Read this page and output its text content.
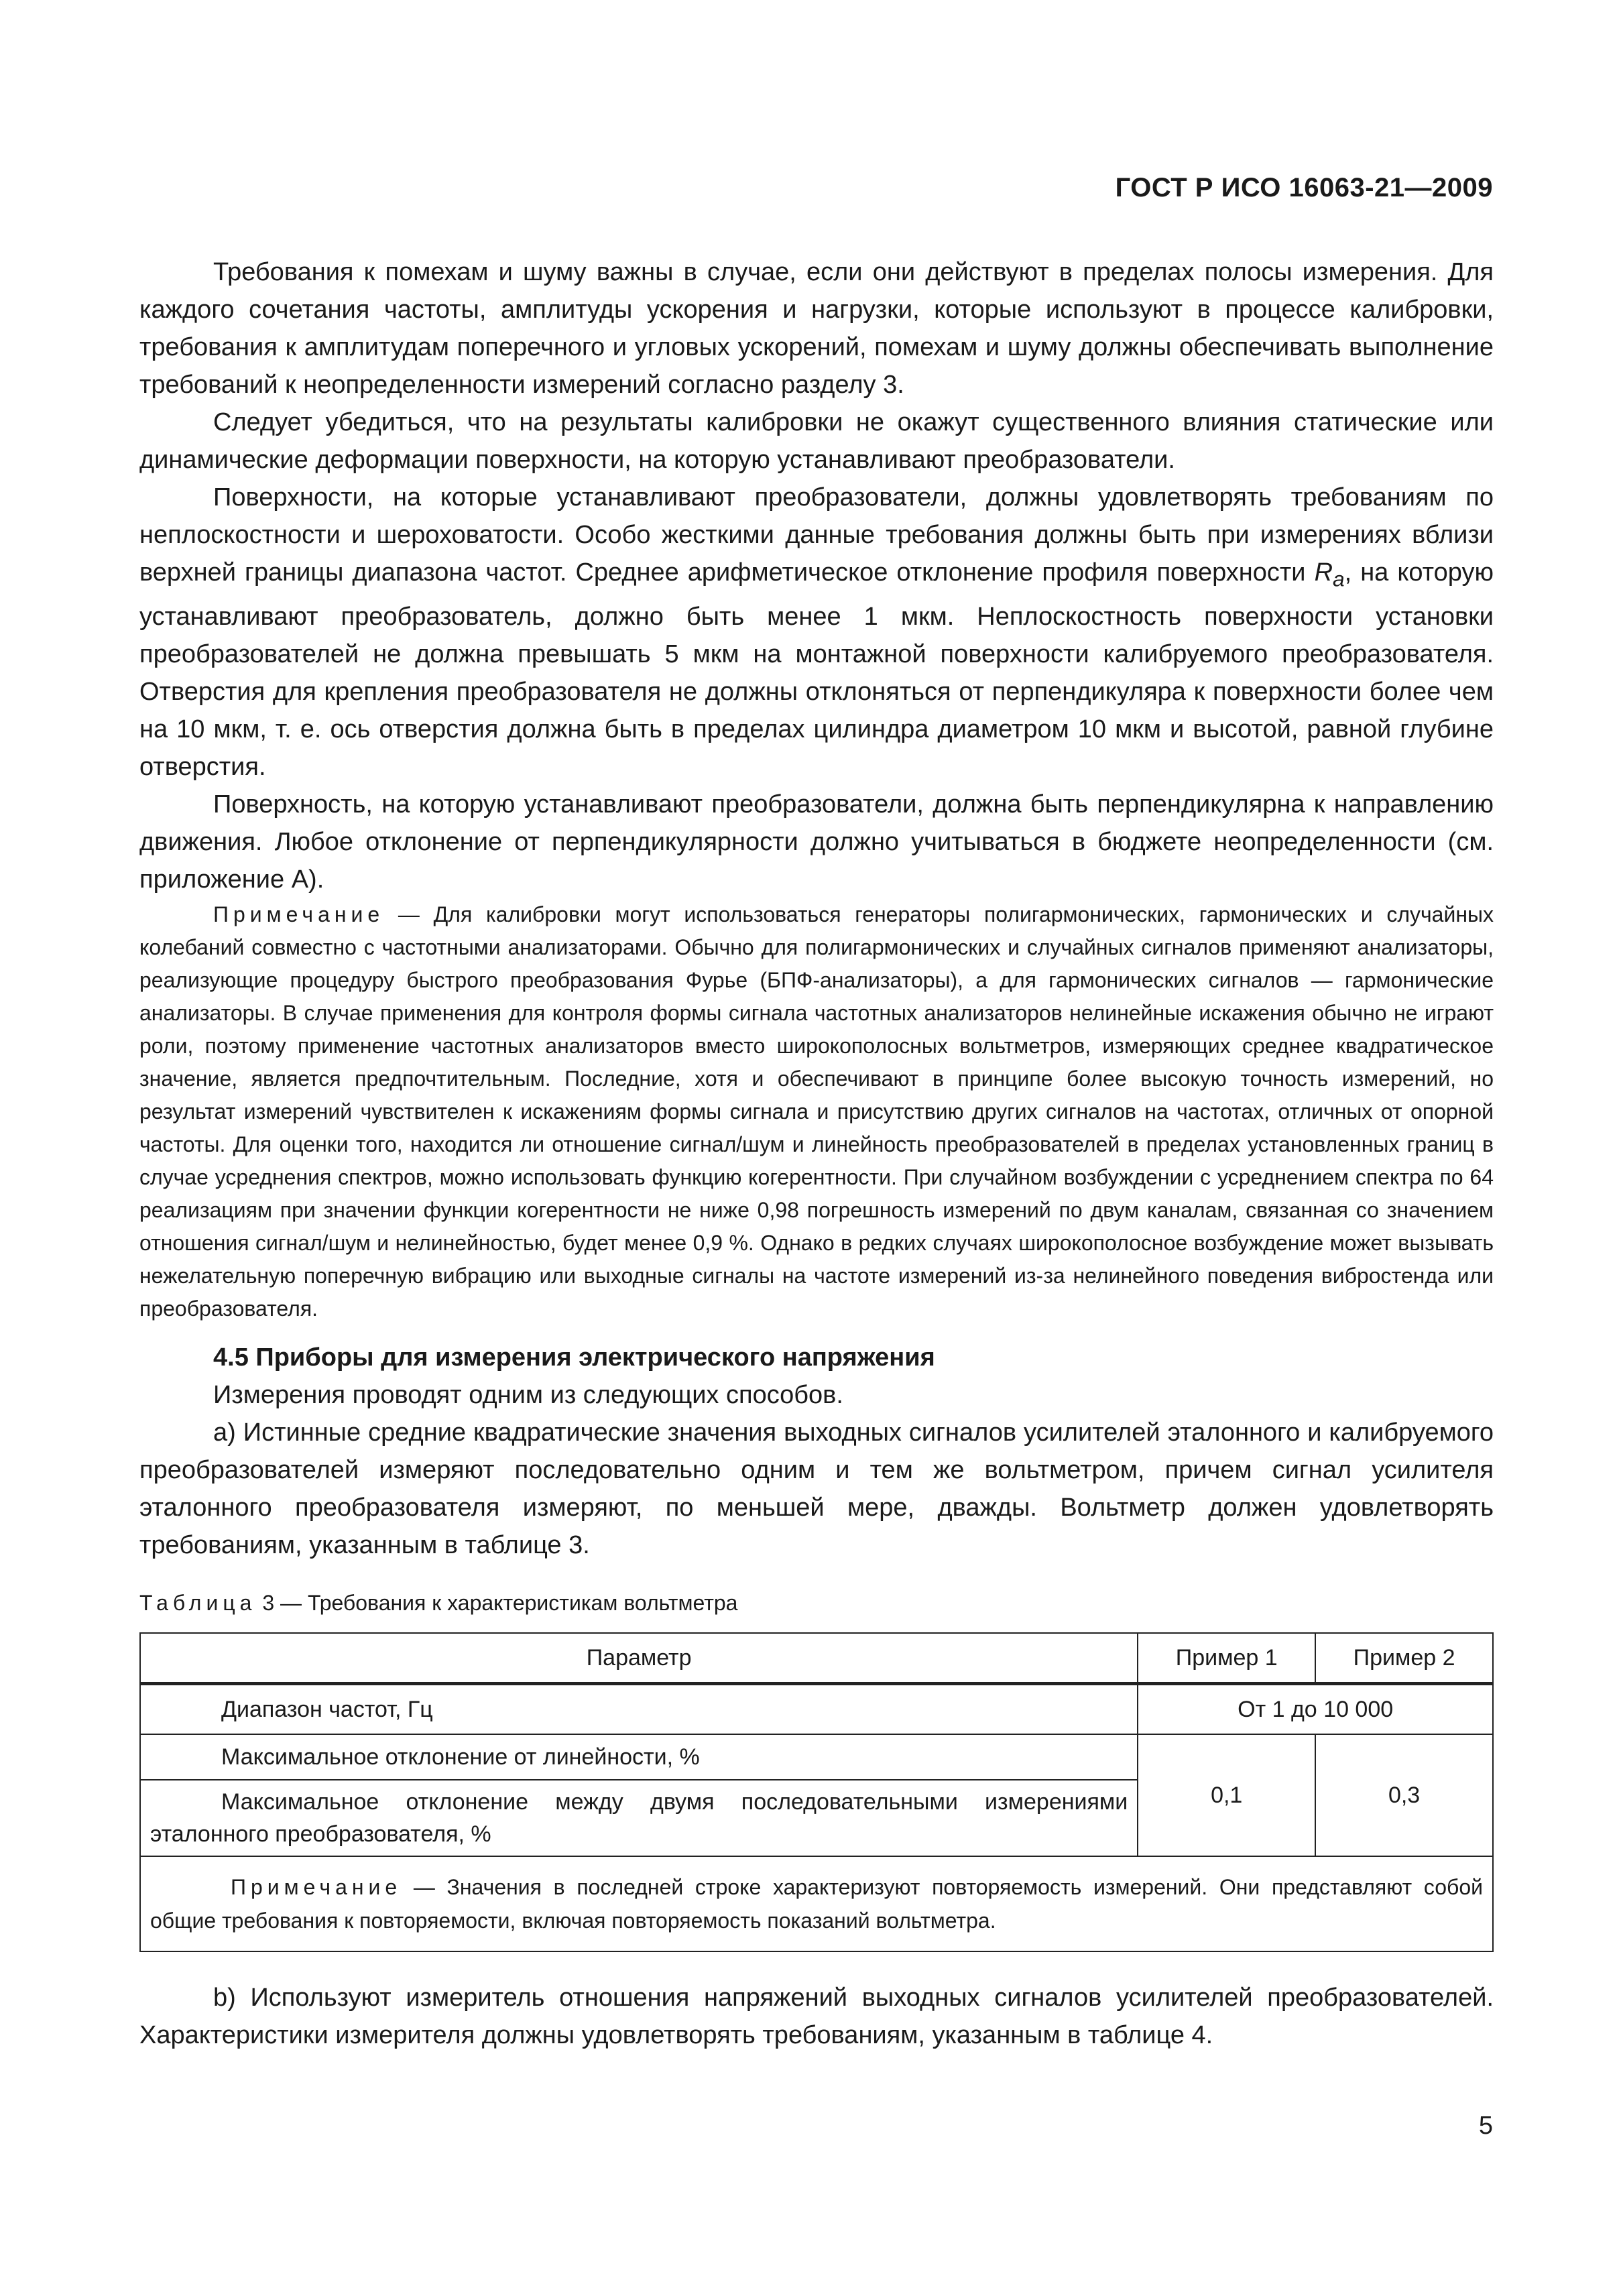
ГОСТ Р ИСО 16063-21—2009

Требования к помехам и шуму важны в случае, если они действуют в пределах полосы измерения. Для каждого сочетания частоты, амплитуды ускорения и нагрузки, которые используют в процессе калибровки, требования к амплитудам поперечного и угловых ускорений, помехам и шуму должны обеспечивать выполнение требований к неопределенности измерений согласно разделу 3.

Следует убедиться, что на результаты калибровки не окажут существенного влияния статические или динамические деформации поверхности, на которую устанавливают преобразователи.

Поверхности, на которые устанавливают преобразователи, должны удовлетворять требованиям по неплоскостности и шероховатости. Особо жесткими данные требования должны быть при измерениях вблизи верхней границы диапазона частот. Среднее арифметическое отклонение профиля поверхности $R_a$, на которую устанавливают преобразователь, должно быть менее 1 мкм. Неплоскостность поверхности установки преобразователей не должна превышать 5 мкм на монтажной поверхности калибруемого преобразователя. Отверстия для крепления преобразователя не должны отклоняться от перпендикуляра к поверхности более чем на 10 мкм, т. е. ось отверстия должна быть в пределах цилиндра диаметром 10 мкм и высотой, равной глубине отверстия.

Поверхность, на которую устанавливают преобразователи, должна быть перпендикулярна к направлению движения. Любое отклонение от перпендикулярности должно учитываться в бюджете неопределенности (см. приложение А).

Примечание — Для калибровки могут использоваться генераторы полигармонических, гармонических и случайных колебаний совместно с частотными анализаторами. Обычно для полигармонических и случайных сигналов применяют анализаторы, реализующие процедуру быстрого преобразования Фурье (БПФ-анализаторы), а для гармонических сигналов — гармонические анализаторы. В случае применения для контроля формы сигнала частотных анализаторов нелинейные искажения обычно не играют роли, поэтому применение частотных анализаторов вместо широкополосных вольтметров, измеряющих среднее квадратическое значение, является предпочтительным. Последние, хотя и обеспечивают в принципе более высокую точность измерений, но результат измерений чувствителен к искажениям формы сигнала и присутствию других сигналов на частотах, отличных от опорной частоты. Для оценки того, находится ли отношение сигнал/шум и линейность преобразователей в пределах установленных границ в случае усреднения спектров, можно использовать функцию когерентности. При случайном возбуждении с усреднением спектра по 64 реализациям при значении функции когерентности не ниже 0,98 погрешность измерений по двум каналам, связанная со значением отношения сигнал/шум и нелинейностью, будет менее 0,9 %. Однако в редких случаях широкополосное возбуждение может вызывать нежелательную поперечную вибрацию или выходные сигналы на частоте измерений из-за нелинейного поведения вибростенда или преобразователя.

4.5 Приборы для измерения электрического напряжения

Измерения проводят одним из следующих способов.

а) Истинные средние квадратические значения выходных сигналов усилителей эталонного и калибруемого преобразователей измеряют последовательно одним и тем же вольтметром, причем сигнал усилителя эталонного преобразователя измеряют, по меньшей мере, дважды. Вольтметр должен удовлетворять требованиям, указанным в таблице 3.

Таблица 3 — Требования к характеристикам вольтметра
Параметр	Пример 1	Пример 2
Диапазон частот, Гц	От 1 до 10 000	
Максимальное отклонение от линейности, %	0,1	0,3
Максимальное отклонение между двумя последовательными измерениями эталонного преобразователя, %		
Примечание — Значения в последней строке характеризуют повторяемость измерений. Они представляют собой общие требования к повторяемости, включая повторяемость показаний вольтметра.		

b) Используют измеритель отношения напряжений выходных сигналов усилителей преобразователей. Характеристики измерителя должны удовлетворять требованиям, указанным в таблице 4.

5
